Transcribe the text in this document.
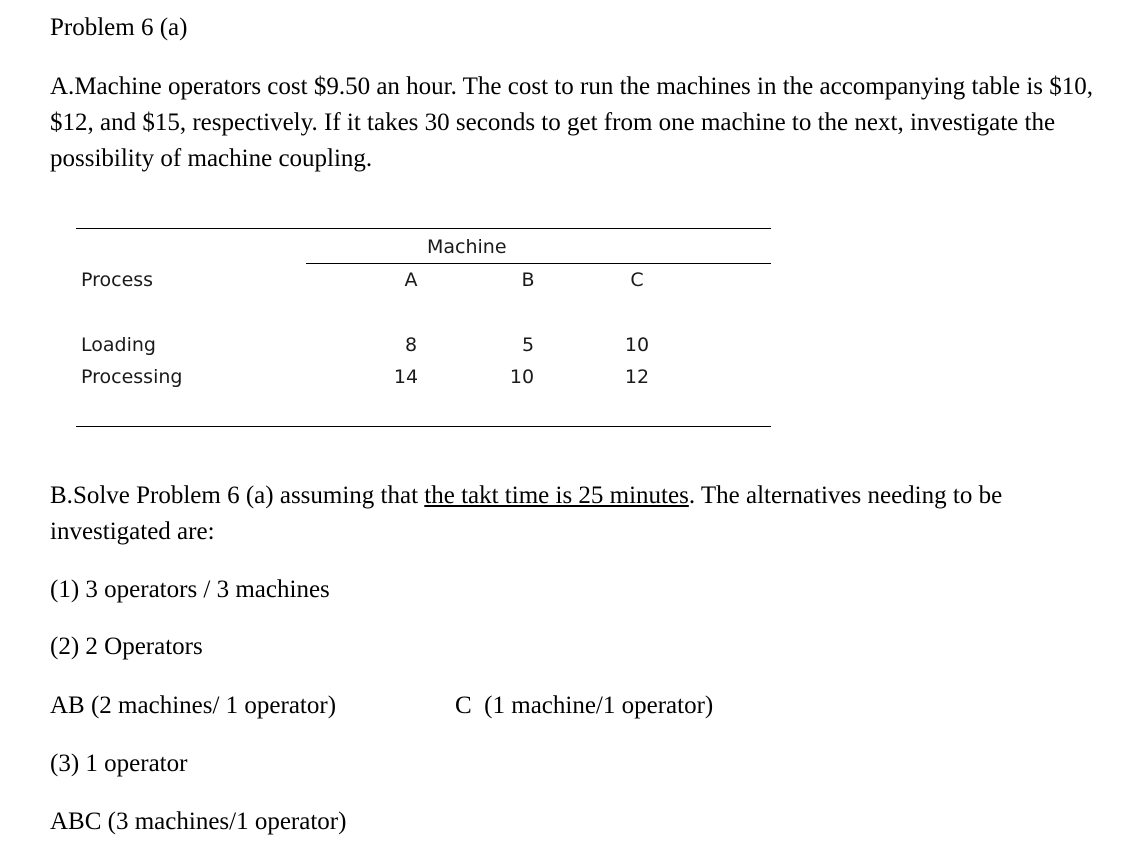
Problem 6 (a)
A.Machine operators cost $9.50 an hour. The cost to run the machines in the accompanying table is $10, $12, and $15, respectively. If it takes 30 seconds to get from one machine to the next, investigate the possibility of machine coupling.
Machine
Process	A	B	C
Loading	8	5	10
Processing	14	10	12
B.Solve Problem 6 (a) assuming that the takt time is 25 minutes. The alternatives needing to be investigated are:
(1) 3 operators / 3 machines
(2) 2 Operators
AB (2 machines/ 1 operator)	C  (1 machine/1 operator)
(3) 1 operator
ABC (3 machines/1 operator)
